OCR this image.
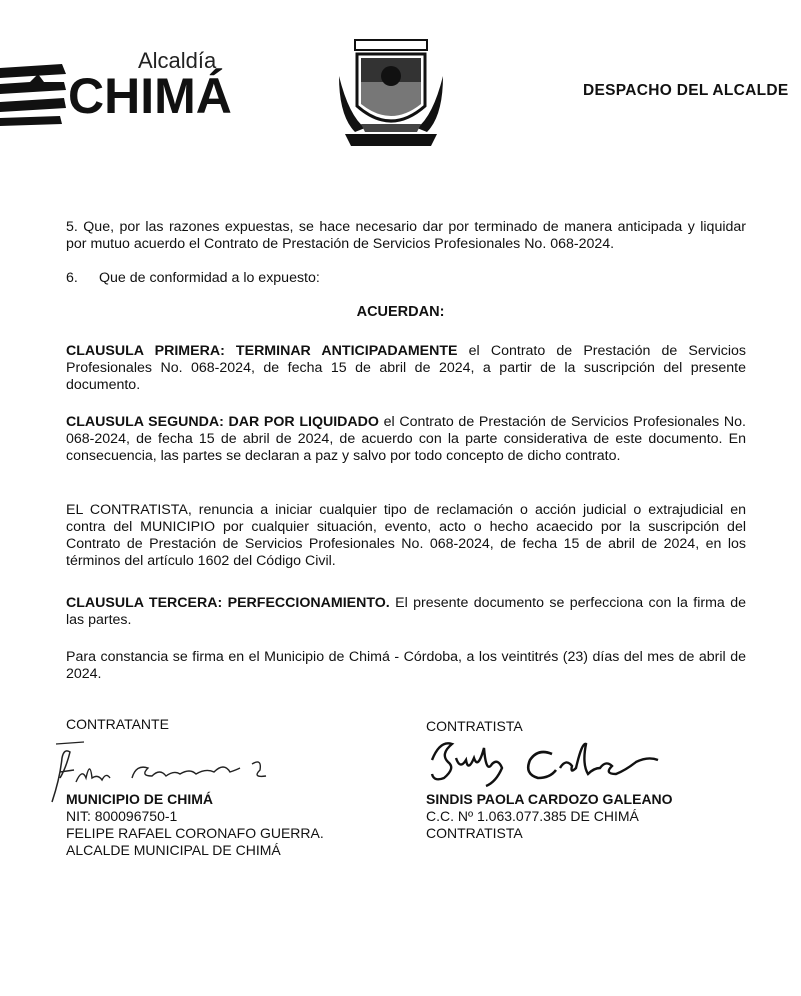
Alcaldía
CHIMÁ	DESPACHO DEL ALCALDE
5. Que, por las razones expuestas, se hace necesario dar por terminado de manera anticipada y liquidar por mutuo acuerdo el Contrato de Prestación de Servicios Profesionales No. 068-2024.
6. Que de conformidad a lo expuesto:
ACUERDAN:
CLAUSULA PRIMERA: TERMINAR ANTICIPADAMENTE el Contrato de Prestación de Servicios Profesionales No. 068-2024, de fecha 15 de abril de 2024, a partir de la suscripción del presente documento.
CLAUSULA SEGUNDA: DAR POR LIQUIDADO el Contrato de Prestación de Servicios Profesionales No. 068-2024, de fecha 15 de abril de 2024, de acuerdo con la parte considerativa de este documento. En consecuencia, las partes se declaran a paz y salvo por todo concepto de dicho contrato.
EL CONTRATISTA, renuncia a iniciar cualquier tipo de reclamación o acción judicial o extrajudicial en contra del MUNICIPIO por cualquier situación, evento, acto o hecho acaecido por la suscripción del Contrato de Prestación de Servicios Profesionales No. 068-2024, de fecha 15 de abril de 2024, en los términos del artículo 1602 del Código Civil.
CLAUSULA TERCERA: PERFECCIONAMIENTO. El presente documento se perfecciona con la firma de las partes.
Para constancia se firma en el Municipio de Chimá - Córdoba, a los veintitrés (23) días del mes de abril de 2024.
CONTRATANTE
MUNICIPIO DE CHIMÁ
NIT: 800096750-1
FELIPE RAFAEL CORONAFO GUERRA.
ALCALDE MUNICIPAL DE CHIMÁ
CONTRATISTA
SINDIS PAOLA CARDOZO GALEANO
C.C. Nº 1.063.077.385 DE CHIMÁ
CONTRATISTA
